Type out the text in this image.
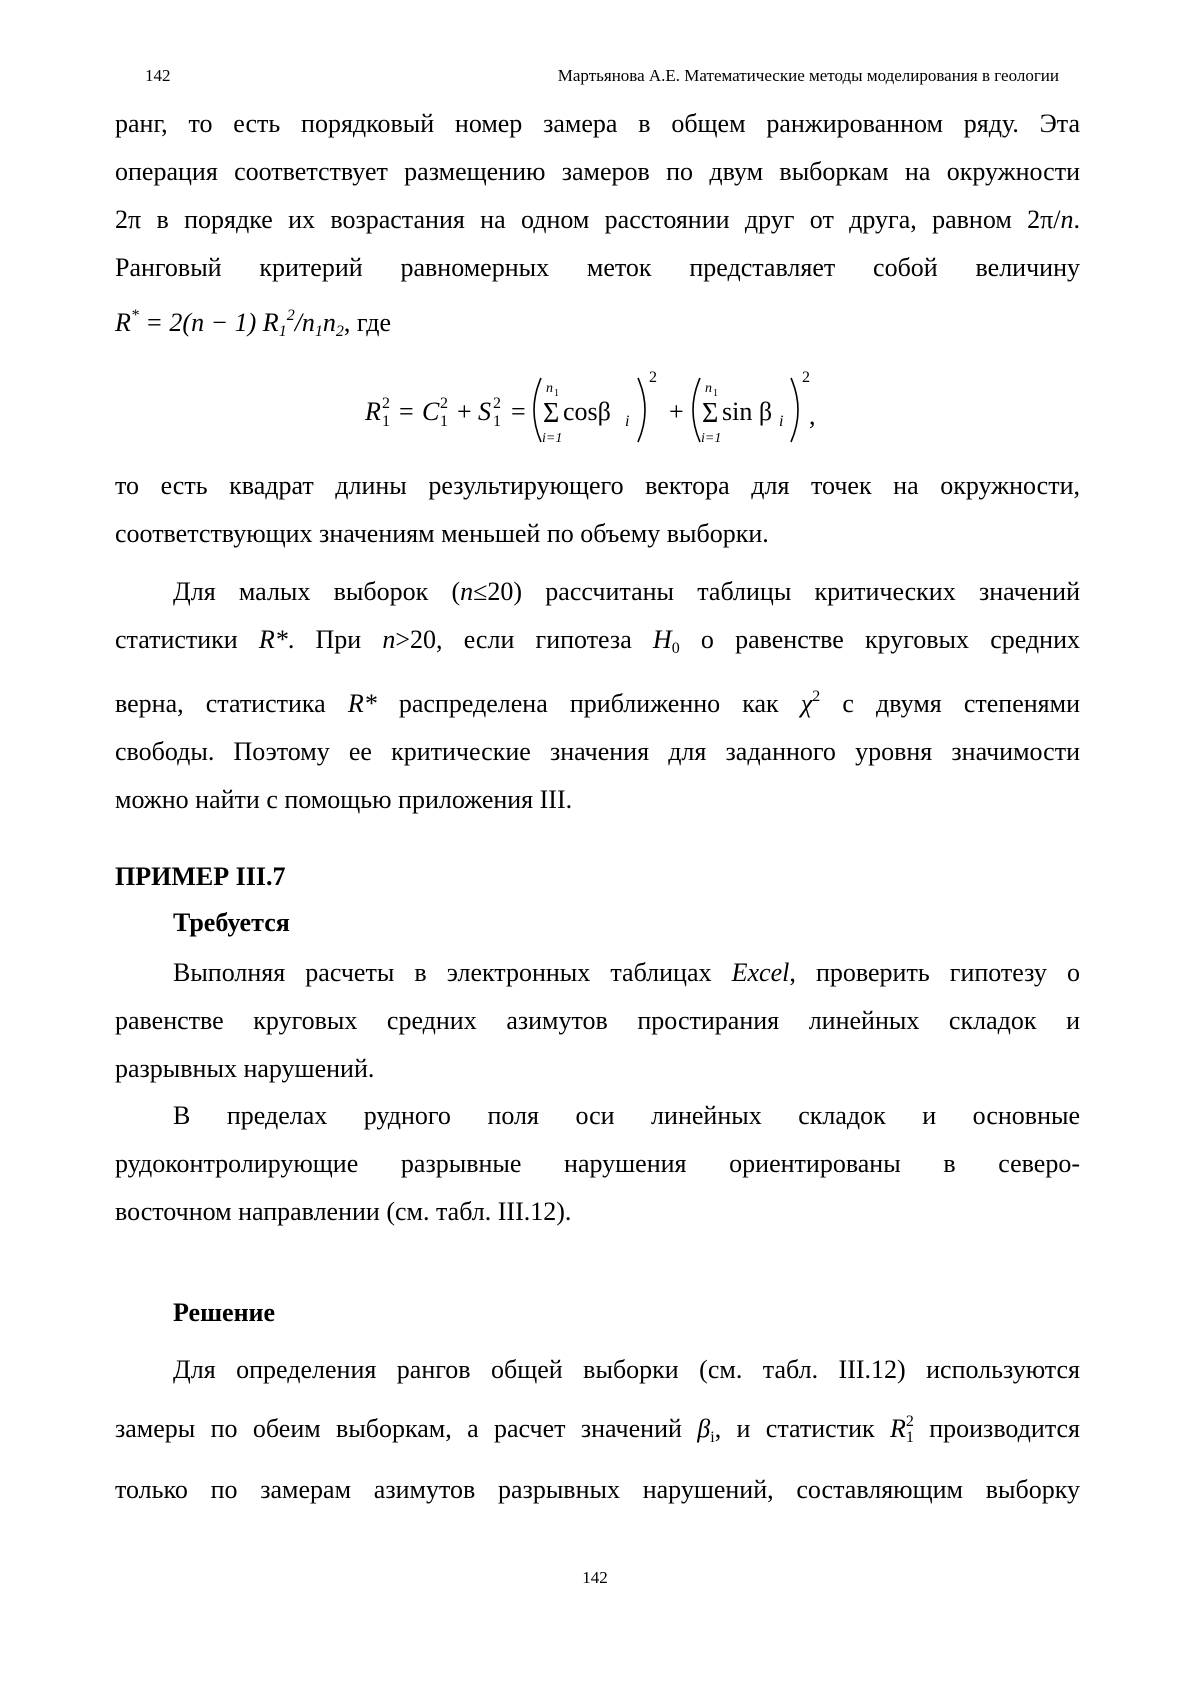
142	Мартьянова А.Е. Математические методы моделирования в геологии

ранг, то есть порядковый номер замера в общем ранжированном ряду. Эта

операция соответствует размещению замеров по двум выборкам на окружности

2π в порядке их возрастания на одном расстоянии друг от друга, равном 2π/n.

Ранговый критерий равномерных меток представляет собой величину

R* = 2(n − 1) $R_1^2/n_1n_2$, где

R 2
1 = C 2
1 + S 2
1 =
n 1
Σ
i=1
cosβ i
2
+
n 1
Σ
i=1
sin β i
2
,

то есть квадрат длины результирующего вектора для точек на окружности,

соответствующих значениям меньшей по объему выборки.

Для малых выборок (n≤20) рассчитаны таблицы критических значений

статистики R*. При n>20, если гипотеза $H_0$ о равенстве круговых средних

верна, статистика R* распределена приближенно как $\chi^2$ с двумя степенями

свободы. Поэтому ее критические значения для заданного уровня значимости

можно найти с помощью приложения III.

ПРИМЕР III.7
Требуется

Выполняя расчеты в электронных таблицах Excel, проверить гипотезу о

равенстве круговых средних азимутов простирания линейных складок и

разрывных нарушений.

В пределах рудного поля оси линейных складок и основные

рудоконтролирующие разрывные нарушения ориентированы в северо-

восточном направлении (см. табл. III.12).

Решение

Для определения рангов общей выборки (см. табл. III.12) используются

замеры по обеим выборкам, а расчет значений $\beta_i$, и статистик $R_1^2$ производится

только по замерам азимутов разрывных нарушений, составляющим выборку

142
